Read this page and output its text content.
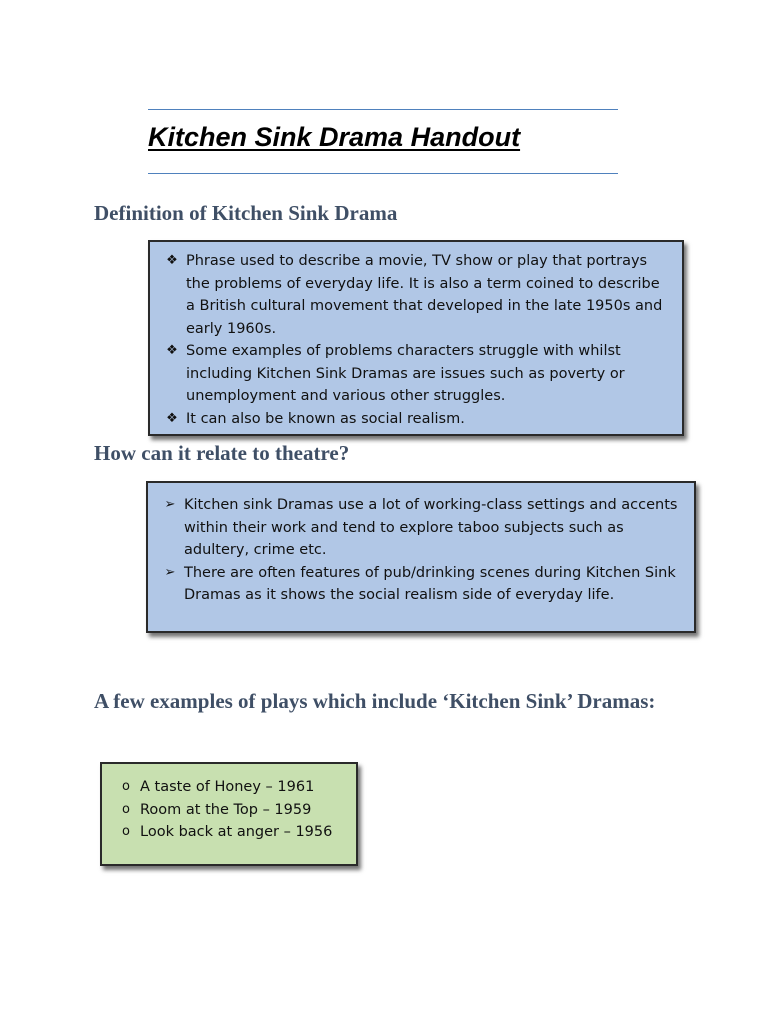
Kitchen Sink Drama Handout
Definition of Kitchen Sink Drama
❖ Phrase used to describe a movie, TV show or play that portrays the problems of everyday life. It is also a term coined to describe a British cultural movement that developed in the late 1950s and early 1960s.
❖ Some examples of problems characters struggle with whilst including Kitchen Sink Dramas are issues such as poverty or unemployment and various other struggles.
❖ It can also be known as social realism.
How can it relate to theatre?
➢ Kitchen sink Dramas use a lot of working-class settings and accents within their work and tend to explore taboo subjects such as adultery, crime etc.
➢ There are often features of pub/drinking scenes during Kitchen Sink Dramas as it shows the social realism side of everyday life.
A few examples of plays which include ‘Kitchen Sink’ Dramas:
o A taste of Honey – 1961
o Room at the Top – 1959
o Look back at anger – 1956
